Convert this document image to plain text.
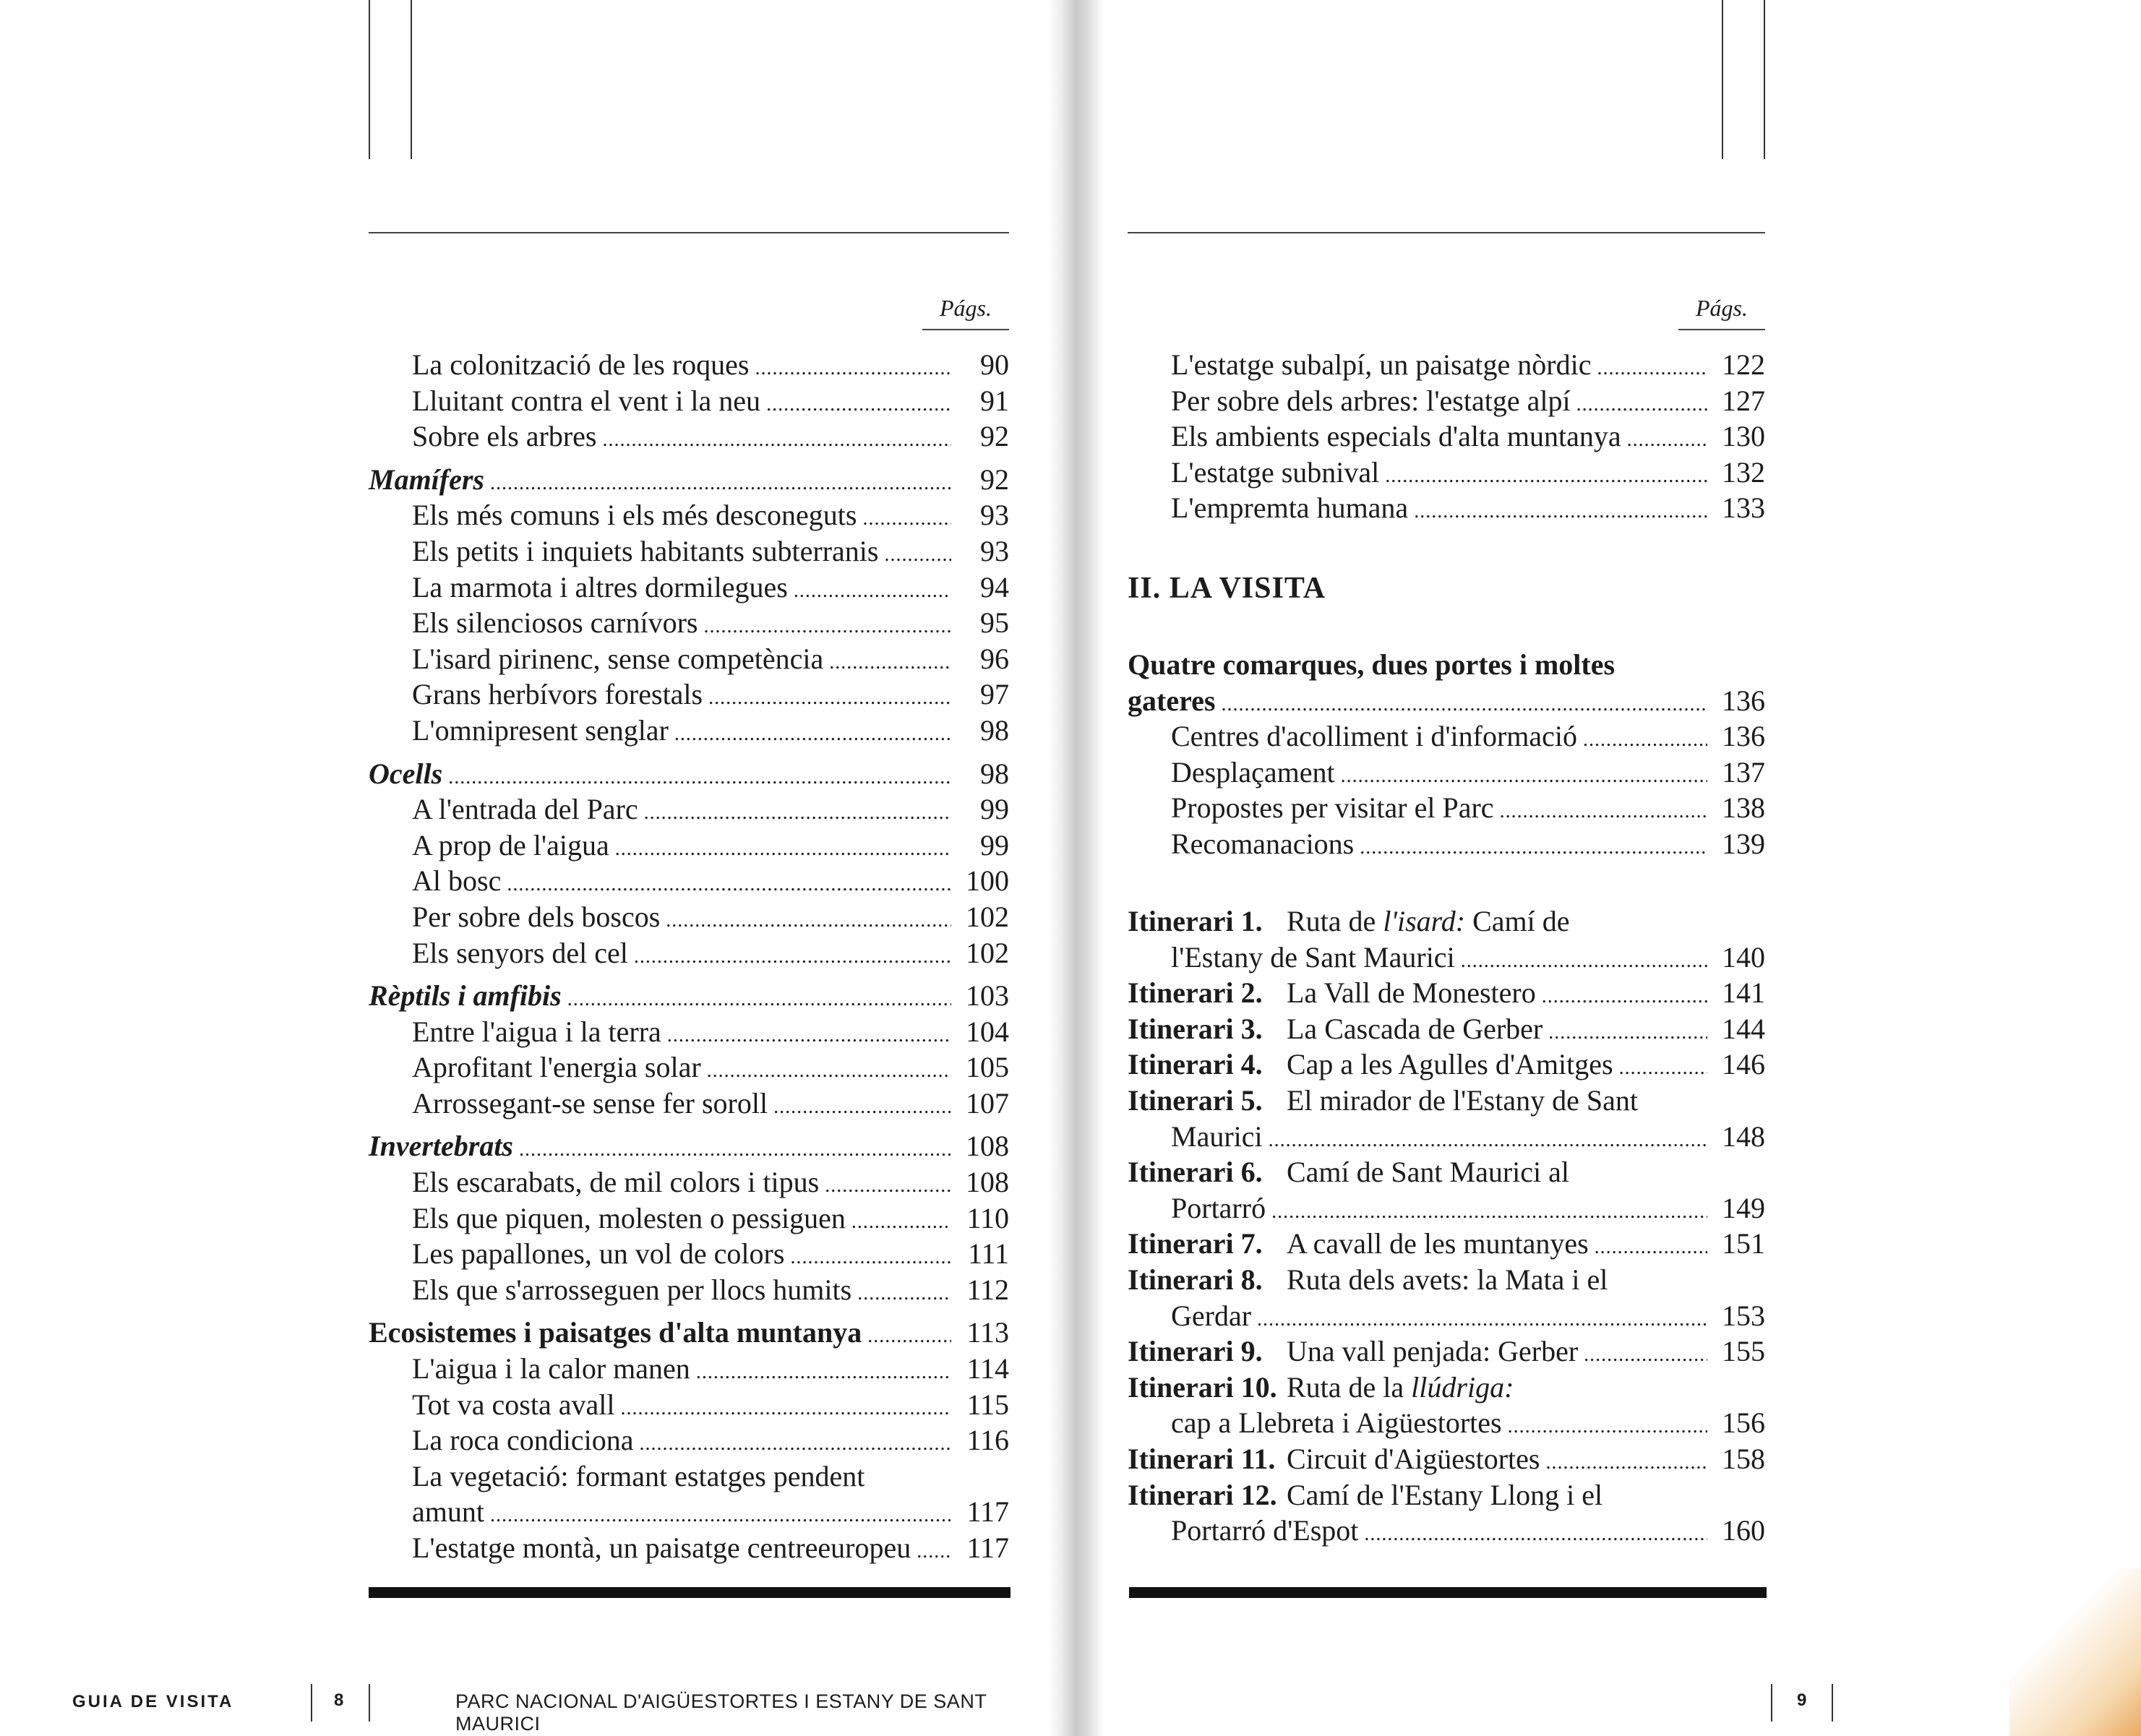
Págs.
La colonització de les roques .....	90
Lluitant contra el vent i la neu .....	91
Sobre els arbres .....	92
Mamífers .....	92
Els més comuns i els més desconeguts .....	93
Els petits i inquiets habitants subterranis .....	93
La marmota i altres dormilegues .....	94
Els silenciosos carnívors .....	95
L'isard pirinenc, sense competència .....	96
Grans herbívors forestals .....	97
L'omnipresent senglar .....	98
Ocells .....	98
A l'entrada del Parc .....	99
A prop de l'aigua .....	99
Al bosc .....	100
Per sobre dels boscos .....	102
Els senyors del cel .....	102
Rèptils i amfibis .....	103
Entre l'aigua i la terra .....	104
Aprofitant l'energia solar .....	105
Arrossegant-se sense fer soroll .....	107
Invertebrats .....	108
Els escarabats, de mil colors i tipus .....	108
Els que piquen, molesten o pessiguen .....	110
Les papallones, un vol de colors .....	111
Els que s'arrosseguen per llocs humits .....	112
Ecosistemes i paisatges d'alta muntanya .....	113
L'aigua i la calor manen .....	114
Tot va costa avall .....	115
La roca condiciona .....	116
La vegetació: formant estatges pendent
amunt .....	117
L'estatge montà, un paisatge centreeuropeu .....	117
GUIA DE VISITA	8	PARC NACIONAL D'AIGÜESTORTES I ESTANY DE SANT MAURICI
Págs.
L'estatge subalpí, un paisatge nòrdic .....	122
Per sobre dels arbres: l'estatge alpí .....	127
Els ambients especials d'alta muntanya .....	130
L'estatge subnival .....	132
L'empremta humana .....	133
II. LA VISITA
Quatre comarques, dues portes i moltes
gateres .....	136
Centres d'acolliment i d'informació .....	136
Desplaçament .....	137
Propostes per visitar el Parc .....	138
Recomanacions .....	139
Itinerari 1. Ruta de l'isard: Camí de
l'Estany de Sant Maurici .....	140
Itinerari 2. La Vall de Monestero .....	141
Itinerari 3. La Cascada de Gerber .....	144
Itinerari 4. Cap a les Agulles d'Amitges .....	146
Itinerari 5. El mirador de l'Estany de Sant
Maurici .....	148
Itinerari 6. Camí de Sant Maurici al
Portarró .....	149
Itinerari 7. A cavall de les muntanyes .....	151
Itinerari 8. Ruta dels avets: la Mata i el
Gerdar .....	153
Itinerari 9. Una vall penjada: Gerber .....	155
Itinerari 10. Ruta de la llúdriga:
cap a Llebreta i Aigüestortes .....	156
Itinerari 11. Circuit d'Aigüestortes .....	158
Itinerari 12. Camí de l'Estany Llong i el
Portarró d'Espot .....	160
9
